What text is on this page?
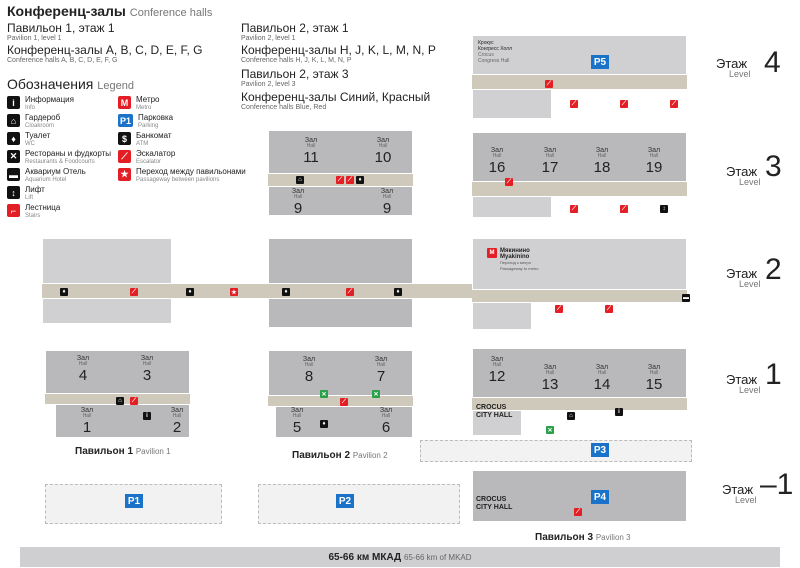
Конференц-залы Conference halls
Павильон 1, этаж 1
Pavilion 1, level 1
Конференц-залы A, B, C, D, E, F, G
Conference halls A, B, C, D, E, F, G
Павильон 2, этаж 1
Pavilion 2, level 1
Конференц-залы H, J, K, L, M, N, P
Conference halls H, J, K, L, M, N, P
Павильон 2, этаж 3
Pavilion 2, level 3
Конференц-залы Синий, Красный
Conference halls Blue, Red
Обозначения Legend
i	Информация
Info
⌂	Гардероб
Cloakroom
♦	Туалет
WC
✕ Рестораны и фудкорты
Restaurants & Foodcourts
▬ Аквариум Отель
Aquarium Hotel
↕	Лифт
Lift
⌐	Лестница
Stairs
M Метро
Metro
P1 Парковка
Parking
$	Банкомат
ATM
⟋	Эскалатор
Escalator
★ Переход между павильонами
Passageway between pavilions
Зал
Hall
11
Зал
Hall
10
Зал
Hall
9
Зал
Hall
9
Зал
Hall
4
Зал
Hall
3
Зал
Hall
1
Зал
Hall
2
Зал
Hall
8
Зал
Hall
7
Зал
Hall
5
Зал
Hall
6
Зал
Hall
16
Зал
Hall
17
Зал
Hall
18
Зал
Hall
19
Зал
Hall
12
Зал
Hall
13
Зал
Hall
14
Зал
Hall
15
Крокус
Конгресс Холл
Crocus
Congress Hall
M Мякинино
Myakinino
Переход к метро
Passageway to metro
CROCUS CITY HALL
CROCUS CITY HALL
Павильон 1 Pavilion 1	Павильон 2 Pavilion 2
Павильон 3 Pavilion 3
P1	P2
P3
P4
P5	Этаж
Level 4
Этаж
Level 3
Этаж
Level 2
Этаж
Level 1
Этаж
Level –1
⟋ ⟋	♦
⌂
♦	⟋	♦	★	♦	⟋	♦
⌂	⟋
i
✕	✕
⟋
♦
⟋
⟋	⟋	⟋
⟋	⟋	↕
⟋
⟋	⟋
▬
⌂
i
✕
⟋
65-66 км МКАД 65-66 km of MKAD
